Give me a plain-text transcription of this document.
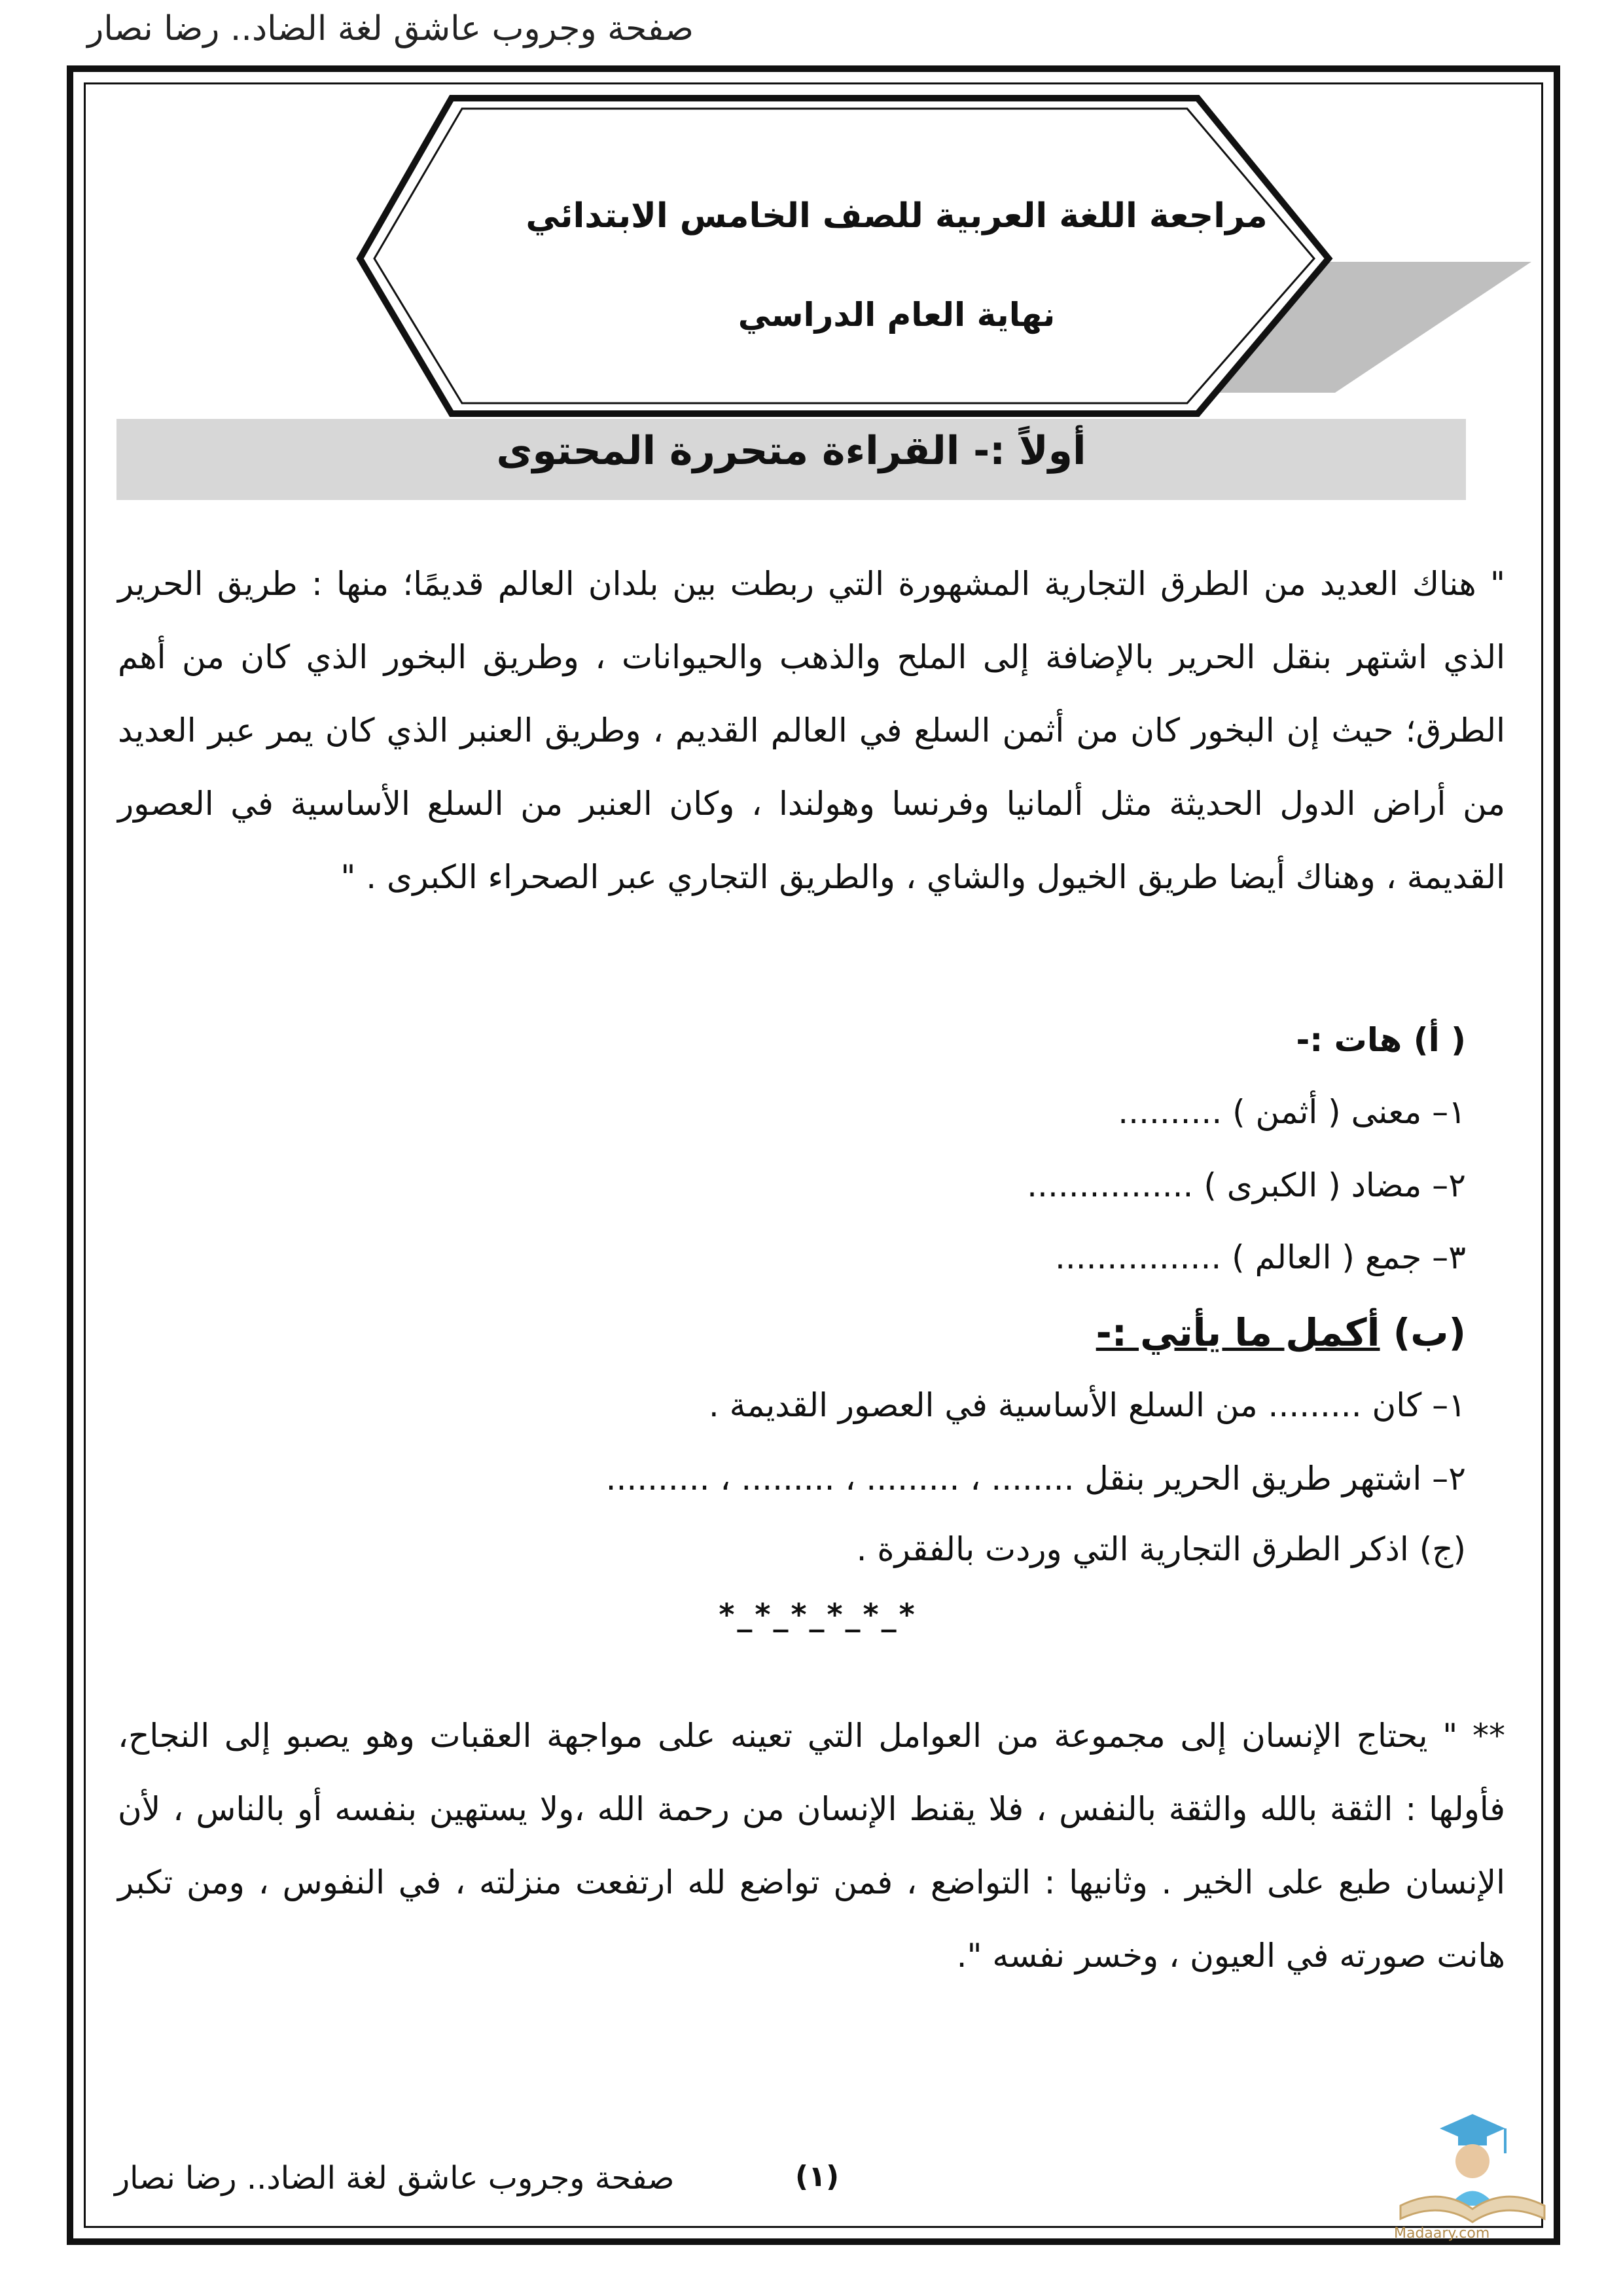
صفحة وجروب عاشق لغة الضاد.. رضا نصار
مراجعة اللغة العربية للصف الخامس الابتدائي
نهاية العام الدراسي
أولاً :- القراءة متحررة المحتوى
" هناك العديد من الطرق التجارية المشهورة التي ربطت بين بلدان العالم قديمًا؛ منها : طريق الحرير الذي اشتهر بنقل الحرير بالإضافة إلى الملح والذهب والحيوانات ، وطريق البخور الذي كان من أهم الطرق؛ حيث إن البخور كان من أثمن السلع في العالم القديم ، وطريق العنبر الذي كان يمر عبر العديد من أراض الدول الحديثة مثل ألمانيا وفرنسا وهولندا ، وكان العنبر من السلع الأساسية في العصور القديمة ، وهناك أيضا طريق الخيول والشاي ، والطريق التجاري عبر الصحراء الكبرى . "
( أ) هات :-
١– معنى ( أثمن ) ..........
٢– مضاد ( الكبرى ) ................
٣– جمع ( العالم ) ................
(ب) أكمل ما يأتي :-
١– كان ......... من السلع الأساسية في العصور القديمة .
٢– اشتهر طريق الحرير بنقل ........ ، ......... ، ......... ، ..........
(ج) اذكر الطرق التجارية التي وردت بالفقرة .
*_*_*_*_*_*
** " يحتاج الإنسان إلى مجموعة من العوامل التي تعينه على مواجهة العقبات وهو يصبو إلى النجاح، فأولها : الثقة بالله والثقة بالنفس ، فلا يقنط الإنسان من رحمة الله ،ولا يستهين بنفسه أو بالناس ، لأن الإنسان طبع على الخير . وثانيها : التواضع ، فمن تواضع لله ارتفعت منزلته ، في النفوس ، ومن تكبر هانت صورته في العيون ، وخسر نفسه ".
صفحة وجروب عاشق لغة الضاد.. رضا نصار	(١)
Madaary.com
